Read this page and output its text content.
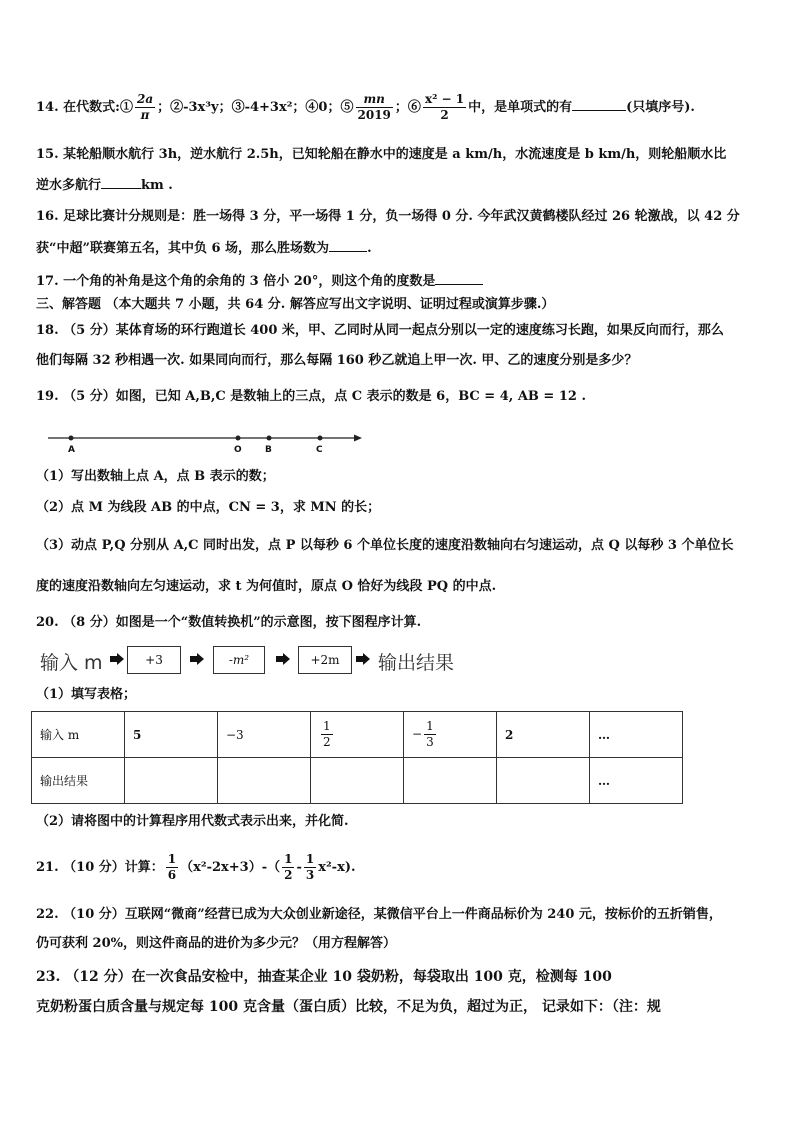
14. 在代数式:① $\frac{2a}{\pi}$ ；②-3x³y；③-4+3x²；④0；⑤ $\frac{mn}{2019}$ ；⑥ $\frac{\text{x² − 1}}{2}$ 中，是单项式的有	(只填序号).
15. 某轮船顺水航行 3h，逆水航行 2.5h，已知轮船在静水中的速度是 a km/h，水流速度是 b km/h，则轮船顺水比
逆水多航行	km .
16. 足球比赛计分规则是：胜一场得 3 分，平一场得 1 分，负一场得 0 分. 今年武汉黄鹤楼队经过 26 轮激战，以 42 分
获“中超”联赛第五名，其中负 6 场，那么胜场数为	.
17. 一个角的补角是这个角的余角的 3 倍小 20°，则这个角的度数是
三、解答题 （本大题共 7 小题，共 64 分. 解答应写出文字说明、证明过程或演算步骤.）
18. （5 分）某体育场的环行跑道长 400 米，甲、乙同时从同一起点分别以一定的速度练习长跑，如果反向而行，那么
他们每隔 32 秒相遇一次. 如果同向而行，那么每隔 160 秒乙就追上甲一次. 甲、乙的速度分别是多少？
19. （5 分）如图，已知 A,B,C 是数轴上的三点，点 C 表示的数是 6，BC = 4, AB = 12 .
A	O	B	C
（1）写出数轴上点 A，点 B 表示的数；
（2）点 M 为线段 AB 的中点，CN = 3，求 MN 的长；
（3）动点 P,Q 分别从 A,C 同时出发，点 P 以每秒 6 个单位长度的速度沿数轴向右匀速运动，点 Q 以每秒 3 个单位长
度的速度沿数轴向左匀速运动，求 t 为何值时，原点 O 恰好为线段 PQ 的中点.
20. （8 分）如图是一个“数值转换机”的示意图，按下图程序计算.
输入 m	+3	-m²	+2m	输出结果
（1）填写表格；
输入 m	5	−3	$\frac{1}{2}$	− $\frac{1}{3}$	2	…
输出结果						…
（2）请将图中的计算程序用代数式表示出来，并化简.
21. （10 分）计算： $\frac{1}{6} (x^2-2x+3)-( \frac{1}{2} - \frac{1}{3} x^2-x)$.
22. （10 分）互联网“微商”经营已成为大众创业新途径，某微信平台上一件商品标价为 240 元，按标价的五折销售，
仍可获利 20%，则这件商品的进价为多少元？（用方程解答）
23. （12 分）在一次食品安检中，抽查某企业 10 袋奶粉，每袋取出 100 克，检测每 100
克奶粉蛋白质含量与规定每 100 克含量（蛋白质）比较，不足为负，超过为正， 记录如下：（注：规
